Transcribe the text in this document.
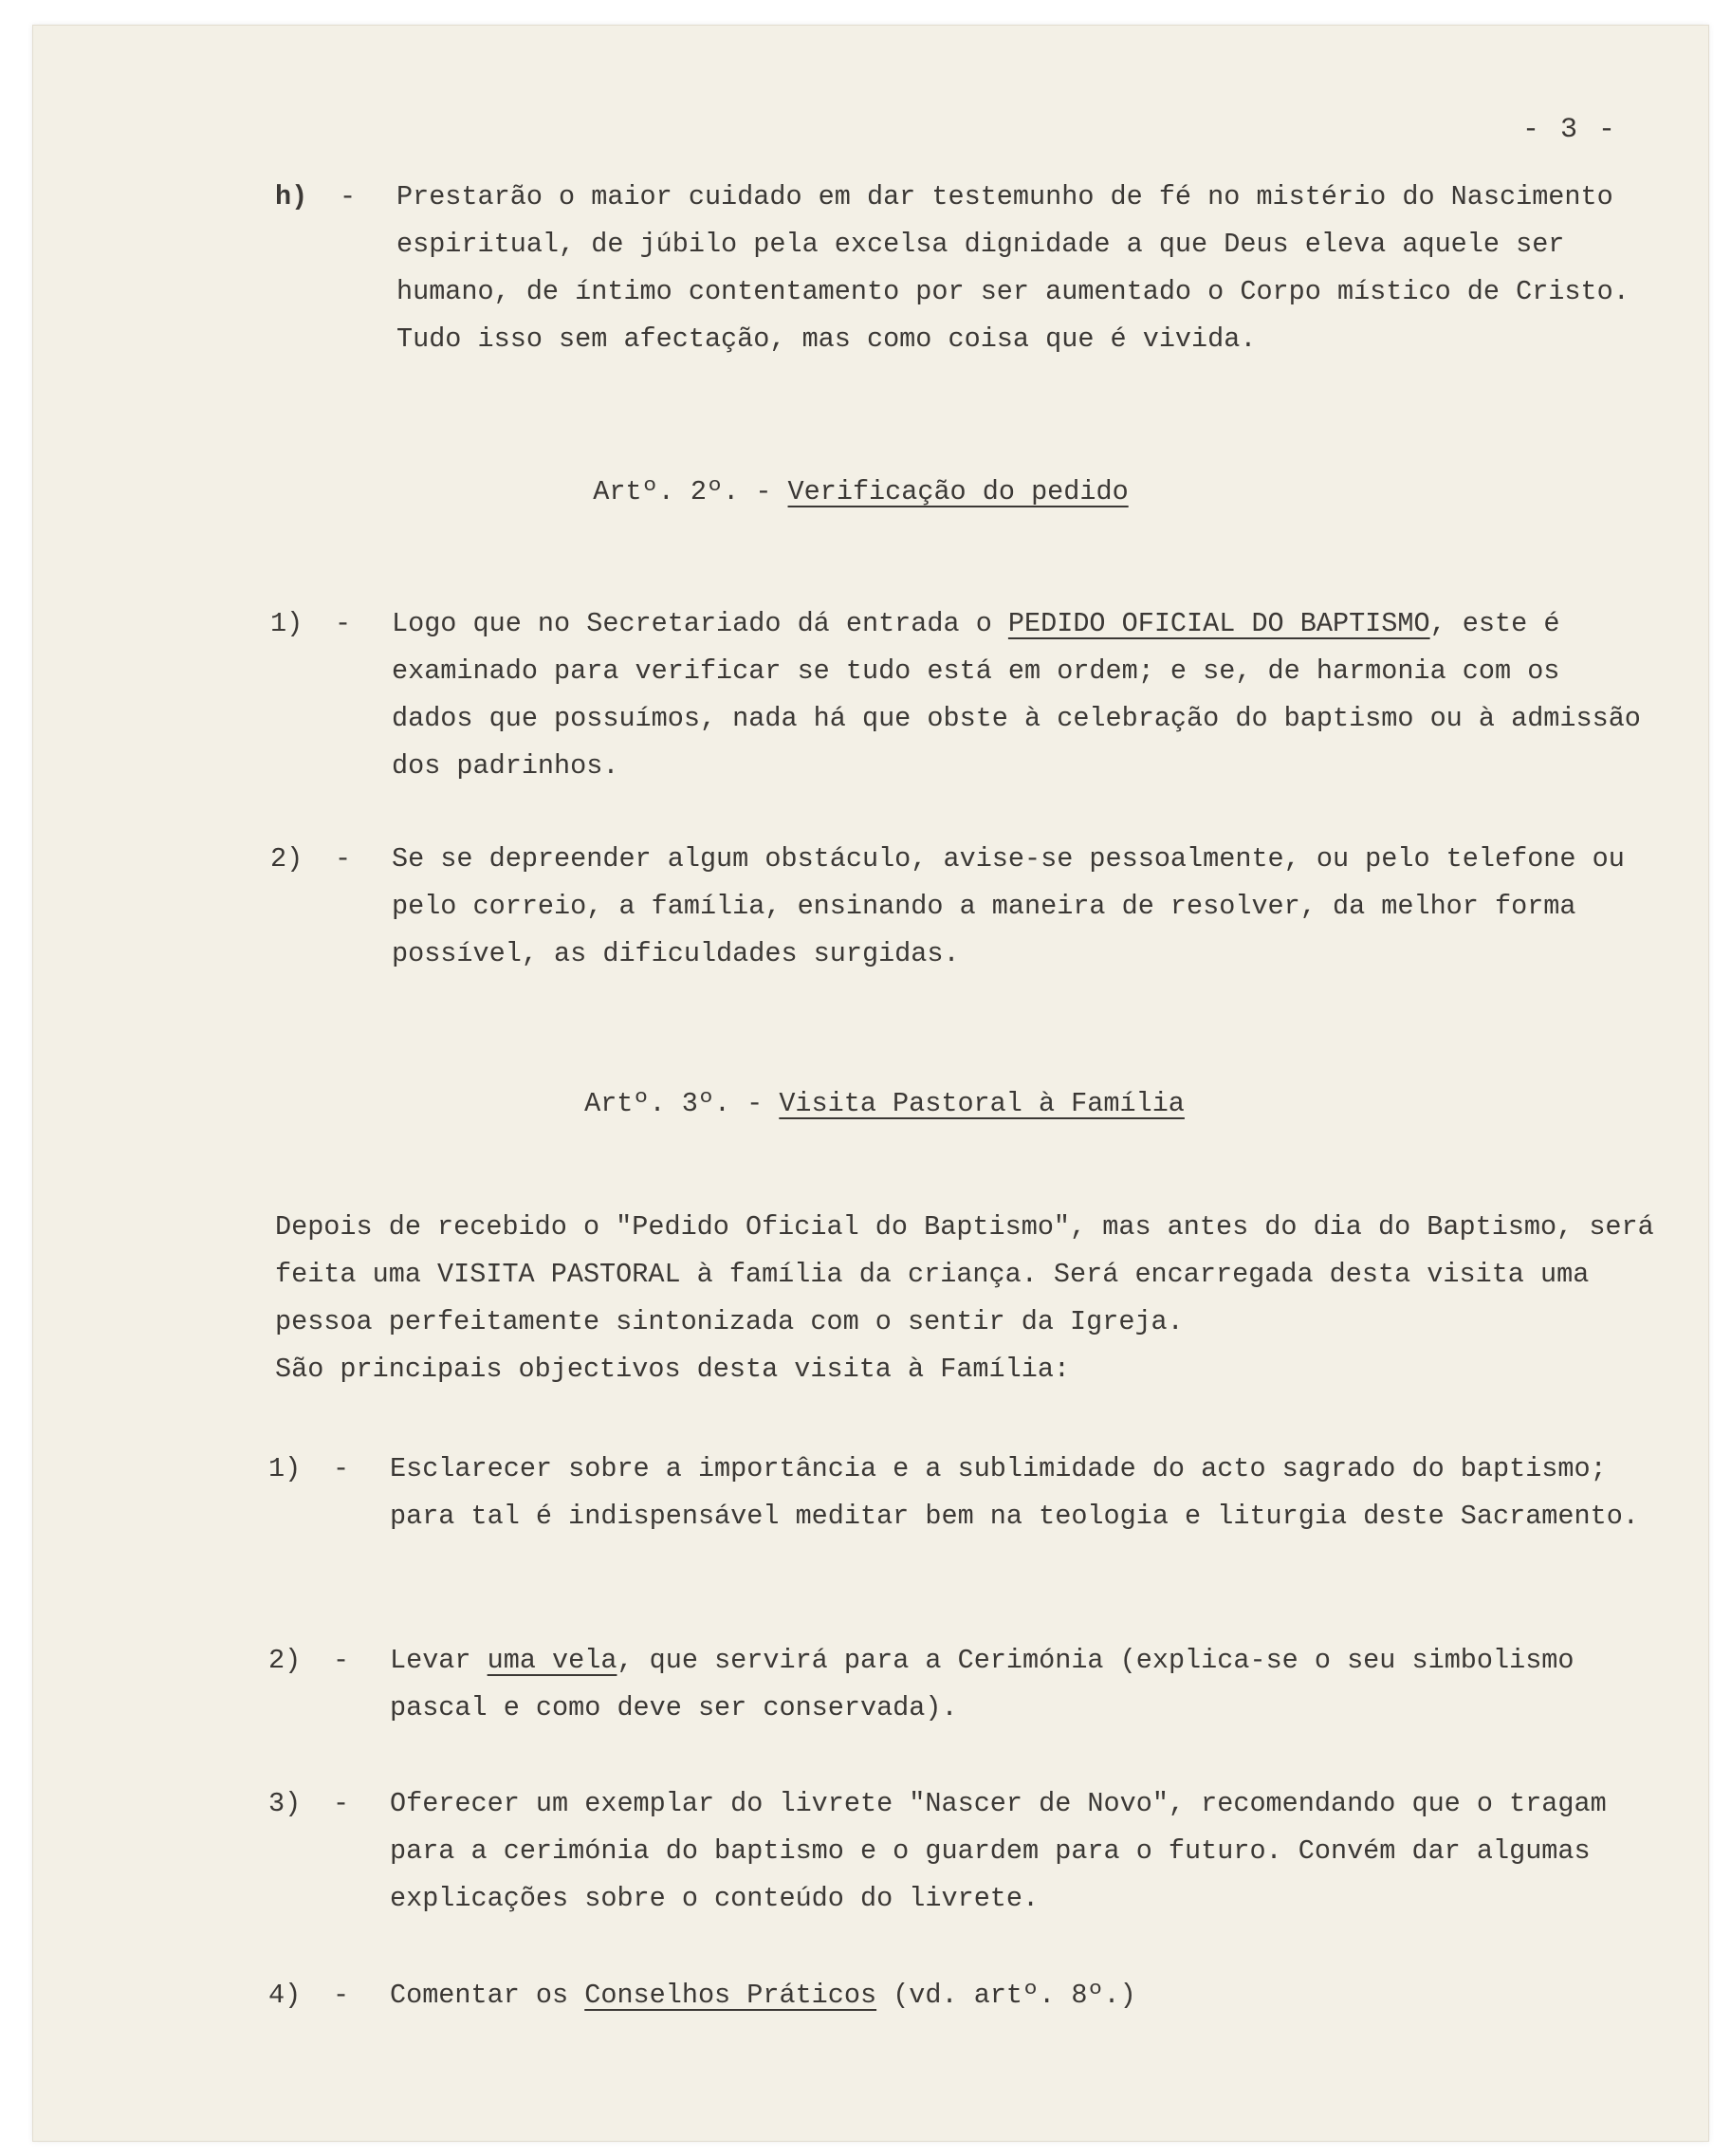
- 3 -
h) - Prestarão o maior cuidado em dar testemunho de fé no mistério do Nascimento espiritual, de júbilo pela excelsa dignidade a que Deus eleva aquele ser humano, de íntimo contentamento por ser aumentado o Corpo místico de Cristo. Tudo isso sem afectação, mas como coisa que é vivida.
Artº. 2º. - Verificação do pedido
1) - Logo que no Secretariado dá entrada o PEDIDO OFICIAL DO BAPTISMO, este é examinado para verificar se tudo está em ordem; e se, de harmonia com os dados que possuímos, nada há que obste à celebração do baptismo ou à admissão dos padrinhos.
2) - Se se depreender algum obstáculo, avise-se pessoalmente, ou pelo telefone ou pelo correio, a família, ensinando a maneira de resolver, da melhor forma possível, as dificuldades surgidas.
Artº. 3º. - Visita Pastoral à Família
Depois de recebido o "Pedido Oficial do Baptismo", mas antes do dia do Baptismo, será feita uma VISITA PASTORAL à família da criança. Será encarregada desta visita uma pessoa perfeitamente sintonizada com o sentir da Igreja.
São principais objectivos desta visita à Família:
1) - Esclarecer sobre a importância e a sublimidade do acto sagrado do baptismo; para tal é indispensável meditar bem na teologia e liturgia deste Sacramento.
2) - Levar uma vela, que servirá para a Cerimónia (explica-se o seu simbolismo pascal e como deve ser conservada).
3) - Oferecer um exemplar do livrete "Nascer de Novo", recomendando que o tragam para a cerimónia do baptismo e o guardem para o futuro. Convém dar algumas explicações sobre o conteúdo do livrete.
4) - Comentar os Conselhos Práticos (vd. artº. 8º.)
